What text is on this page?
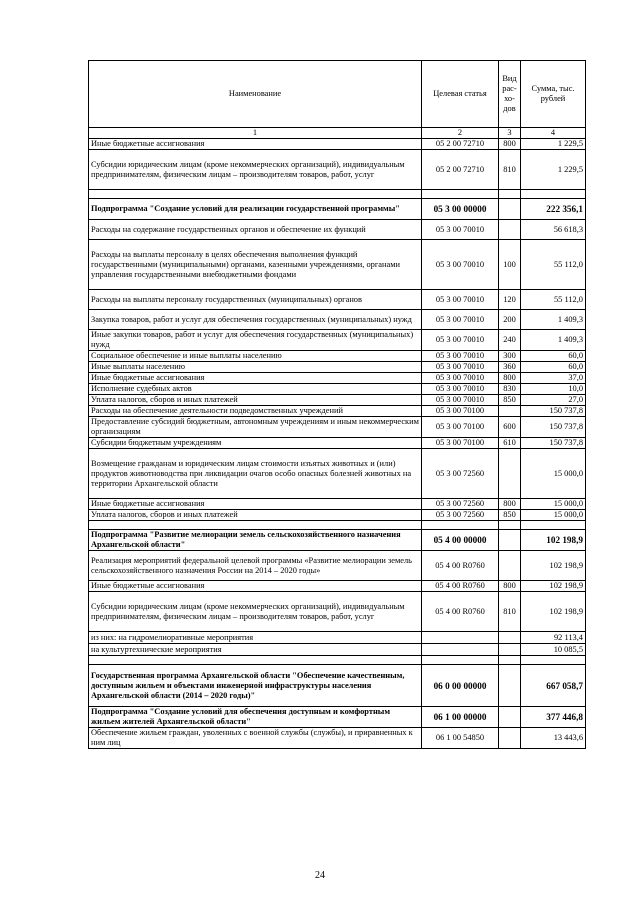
Наименование	Целевая статья	Вид рас-хо-дов	Сумма, тыс. рублей
1	2	3	4
Иные бюджетные ассигнования	05 2 00 72710	800	1 229,5
Субсидии юридическим лицам (кроме некоммерческих организаций), индивидуальным предпринимателям, физическим лицам – производителям товаров, работ, услуг	05 2 00 72710	810	1 229,5

Подпрограмма "Создание условий для реализации государственной программы"	05 3 00 00000		222 356,1
Расходы на содержание государственных органов и обеспечение их функций	05 3 00 70010		56 618,3
Расходы на выплаты персоналу в целях обеспечения выполнения функций государственными (муниципальными) органами, казенными учреждениями, органами управления государственными внебюджетными фондами	05 3 00 70010	100	55 112,0
Расходы на выплаты персоналу государственных (муниципальных) органов	05 3 00 70010	120	55 112,0
Закупка товаров, работ и услуг для обеспечения государственных (муниципальных) нужд	05 3 00 70010	200	1 409,3
Иные закупки товаров, работ и услуг для обеспечения государственных (муниципальных) нужд	05 3 00 70010	240	1 409,3
Социальное обеспечение и иные выплаты населению	05 3 00 70010	300	60,0
Иные выплаты населению	05 3 00 70010	360	60,0
Иные бюджетные ассигнования	05 3 00 70010	800	37,0
Исполнение судебных актов	05 3 00 70010	830	10,0
Уплата налогов, сборов и иных платежей	05 3 00 70010	850	27,0
Расходы на обеспечение деятельности подведомственных учреждений	05 3 00 70100		150 737,8
Предоставление субсидий бюджетным, автономным учреждениям и иным некоммерческим организациям	05 3 00 70100	600	150 737,8
Субсидии бюджетным учреждениям	05 3 00 70100	610	150 737,8
Возмещение гражданам и юридическим лицам стоимости изъятых животных и (или) продуктов животноводства при ликвидации очагов особо опасных болезней животных на территории Архангельской области	05 3 00 72560		15 000,0
Иные бюджетные ассигнования	05 3 00 72560	800	15 000,0
Уплата налогов, сборов и иных платежей	05 3 00 72560	850	15 000,0

Подпрограмма "Развитие мелиорации земель сельскохозяйственного назначения Архангельской области"	05 4 00 00000		102 198,9
Реализация мероприятий федеральной целевой программы «Развитие мелиорации земель сельскохозяйственного назначения России на 2014 – 2020 годы»	05 4 00 R0760		102 198,9
Иные бюджетные ассигнования	05 4 00 R0760	800	102 198,9
Субсидии юридическим лицам (кроме некоммерческих организаций), индивидуальным предпринимателям, физическим лицам – производителям товаров, работ, услуг	05 4 00 R0760	810	102 198,9
из них: на гидромелиоративные мероприятия			92 113,4
на культуртехнические мероприятия			10 085,5

Государственная программа Архангельской области "Обеспечение качественным, доступным жильем и объектами инженерной инфраструктуры населения Архангельской области (2014 – 2020 годы)"	06 0 00 00000		667 058,7
Подпрограмма "Создание условий для обеспечения доступным и комфортным жильем жителей Архангельской области"	06 1 00 00000		377 446,8
Обеспечение жильем граждан, уволенных с военной службы (службы), и приравненных к ним лиц	06 1 00 54850		13 443,6
24
